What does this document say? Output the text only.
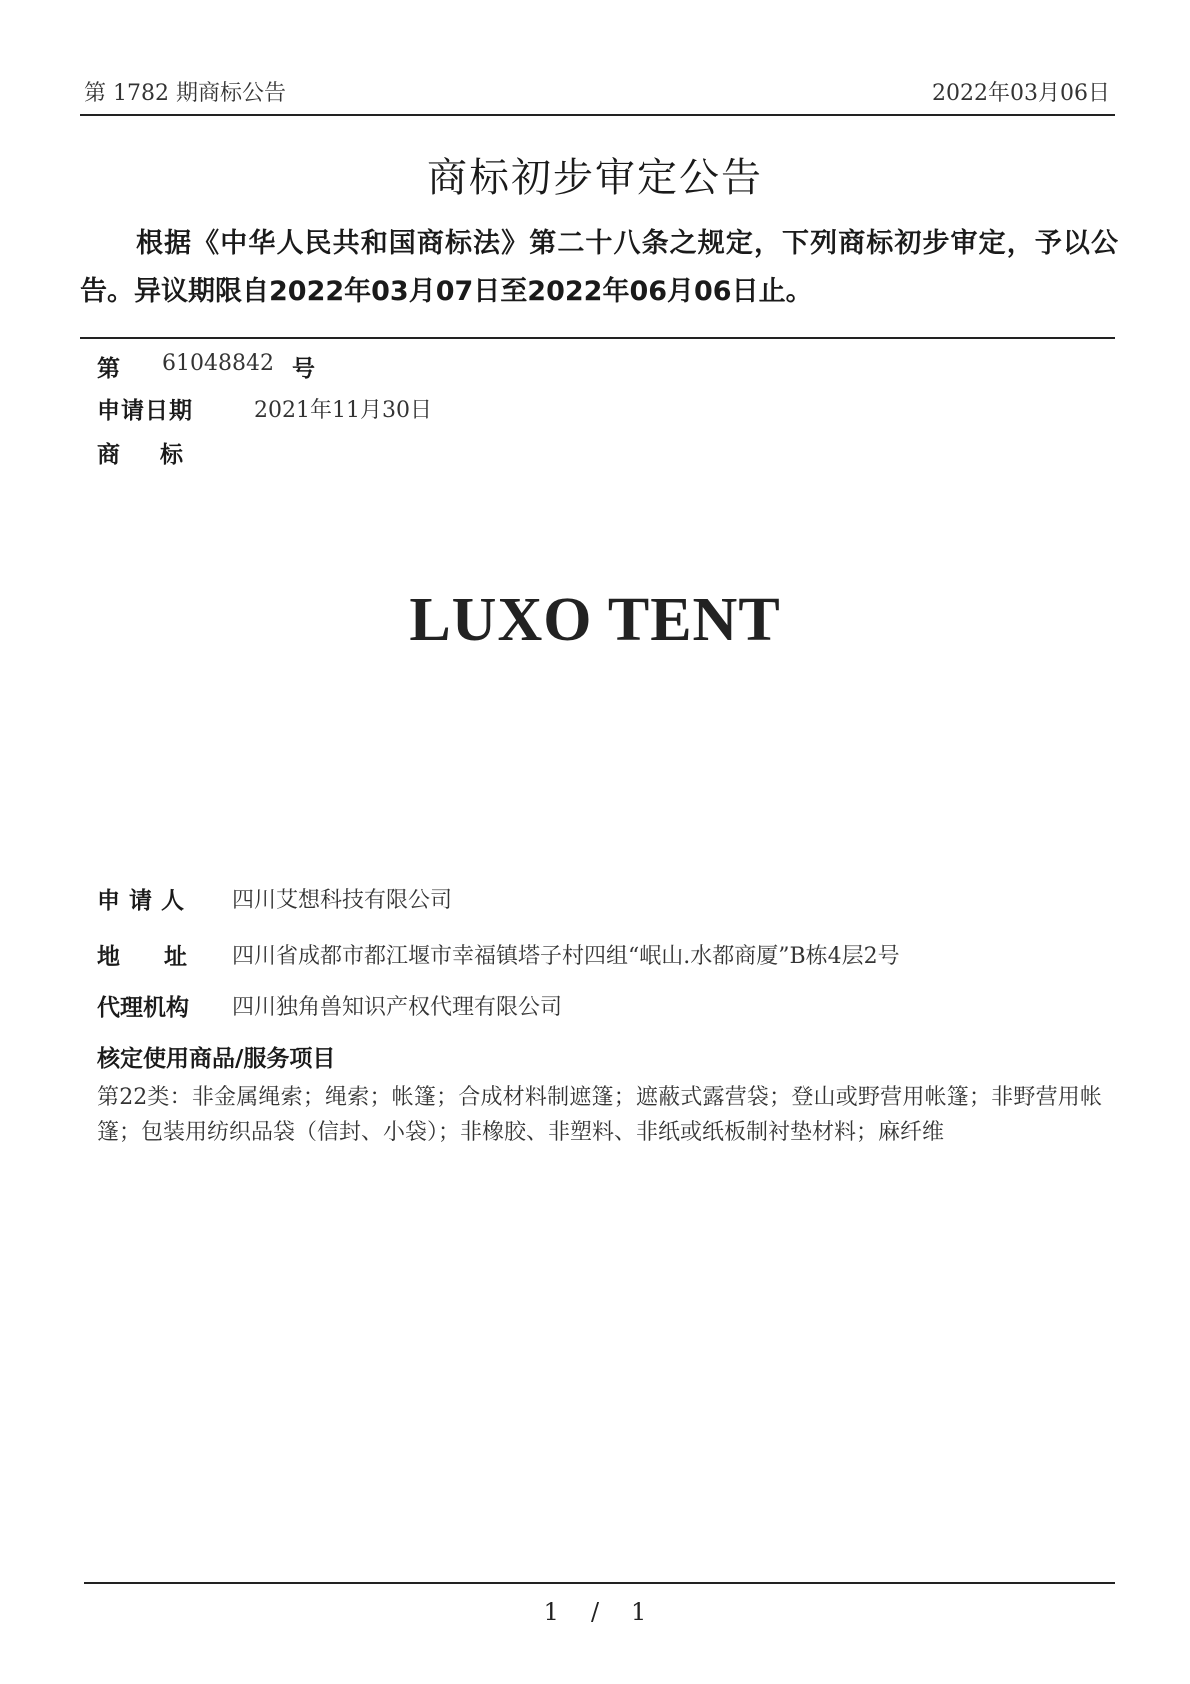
第 1782 期商标公告	2022年03月06日
商标初步审定公告
根据《中华人民共和国商标法》第二十八条之规定，下列商标初步审定，予以公告。异议期限自2022年03月07日至2022年06月06日止。
第 61048842 号
申请日期	2021年11月30日
商标
LUXO TENT
申请人 四川艾想科技有限公司
地址 四川省成都市都江堰市幸福镇塔子村四组“岷山.水都商厦”B栋4层2号
代理机构 四川独角兽知识产权代理有限公司
核定使用商品/服务项目
第22类：非金属绳索；绳索；帐篷；合成材料制遮篷；遮蔽式露营袋；登山或野营用帐篷；非野营用帐篷；包装用纺织品袋（信封、小袋）；非橡胶、非塑料、非纸或纸板制衬垫材料；麻纤维
1 / 1
